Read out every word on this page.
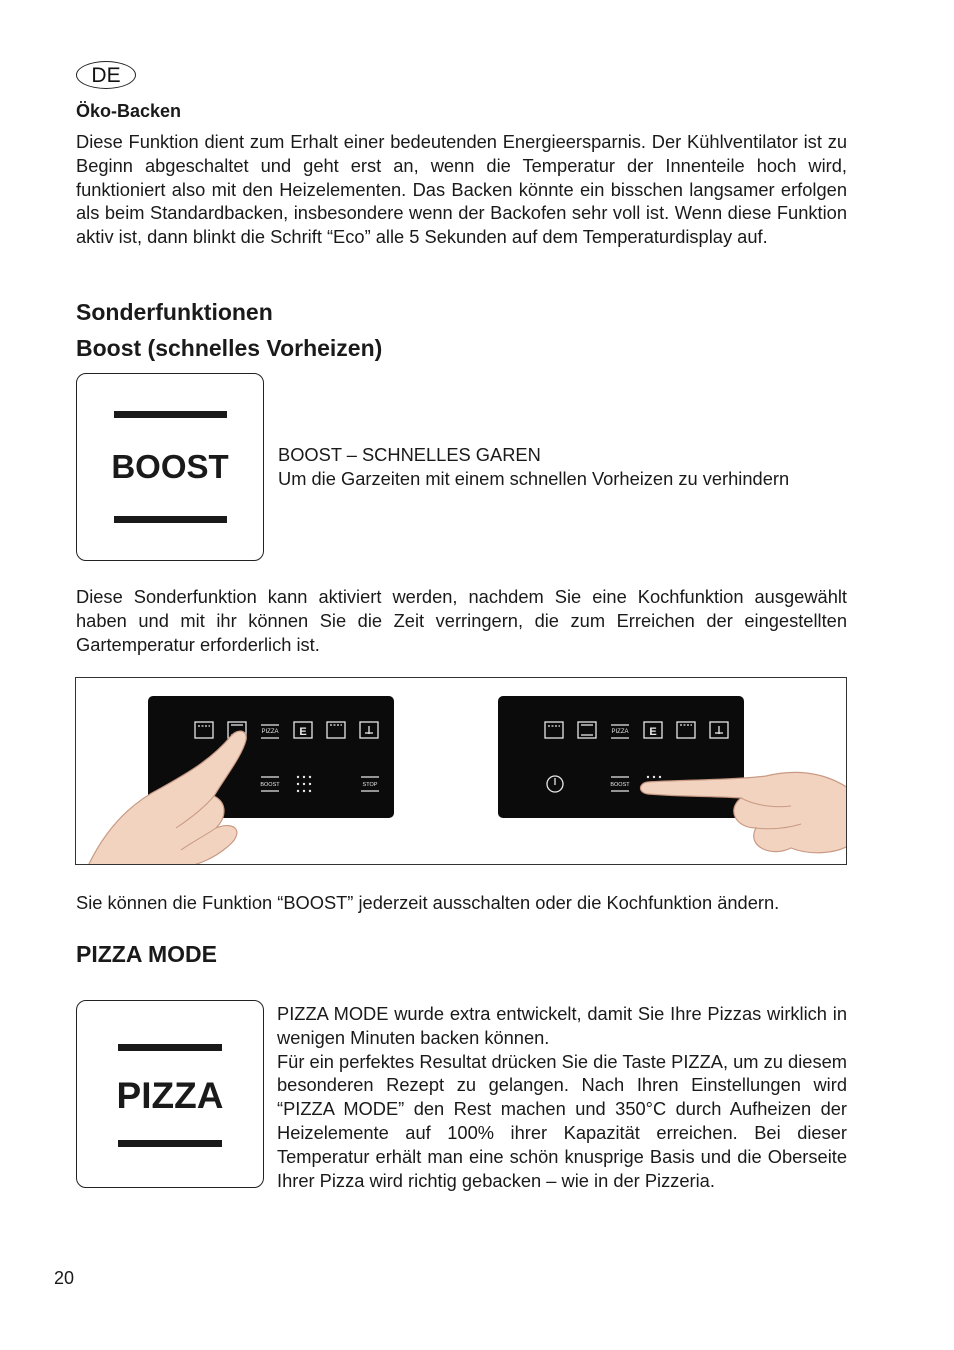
DE
Öko-Backen

Diese Funktion dient zum Erhalt einer bedeutenden Energieersparnis. Der Kühlventilator ist zu Beginn abgeschaltet und geht erst an, wenn die Temperatur der Innenteile hoch wird, funktioniert also mit den Heizelementen. Das Backen könnte ein bisschen langsamer erfolgen als beim Standardbacken, insbesondere wenn der Backofen sehr voll ist. Wenn diese Funktion aktiv ist, dann blinkt die Schrift “Eco” alle 5 Sekunden auf dem Temperaturdisplay auf.

Sonderfunktionen
Boost (schnelles Vorheizen)
BOOST	BOOST – SCHNELLES GAREN
Um die Garzeiten mit einem schnellen Vorheizen zu verhindern

Diese Sonderfunktion kann aktiviert werden, nachdem Sie eine Kochfunktion ausgewählt haben und mit ihr können Sie die Zeit verringern, die zum Erreichen der eingestellten Gartemperatur erforderlich ist.

PIZZA E
BOOST	STOP
PIZZA E
BOOST

Sie können die Funktion “BOOST” jederzeit ausschalten oder die Kochfunktion ändern.

PIZZA MODE
PIZZA

PIZZA MODE wurde extra entwickelt, damit Sie Ihre Pizzas wirklich in wenigen Minuten backen können.

Für ein perfektes Resultat drücken Sie die Taste PIZZA, um zu diesem besonderen Rezept zu gelangen. Nach Ihren Einstellungen wird “PIZZA MODE” den Rest machen und 350°C durch Aufheizen der Heizelemente auf 100% ihrer Kapazität erreichen. Bei dieser Temperatur erhält man eine schön knusprige Basis und die Oberseite Ihrer Pizza wird richtig gebacken – wie in der Pizzeria.

20
